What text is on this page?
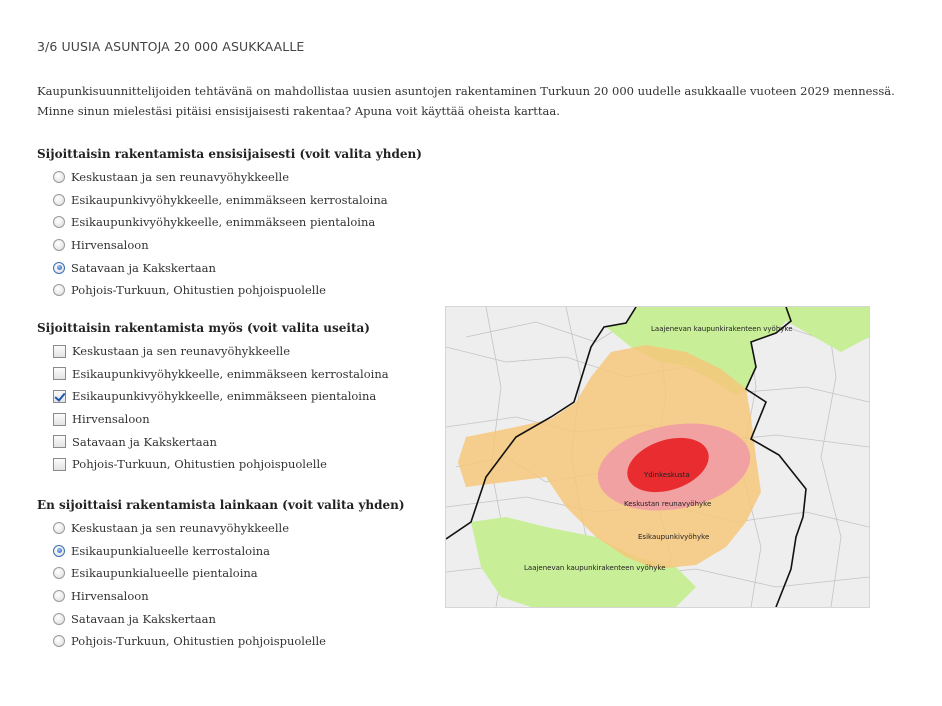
3/6 UUSIA ASUNTOJA 20 000 ASUKKAALLE
Kaupunkisuunnittelijoiden tehtävänä on mahdollistaa uusien asuntojen rakentaminen Turkuun 20 000 uudelle asukkaalle vuoteen 2029 mennessä. Minne sinun mielestäsi pitäisi ensisijaisesti rakentaa? Apuna voit käyttää oheista karttaa.
Sijoittaisin rakentamista ensisijaisesti (voit valita yhden)
Keskustaan ja sen reunavyöhykkeelle
Esikaupunkivyöhykkeelle, enimmäkseen kerrostaloina
Esikaupunkivyöhykkeelle, enimmäkseen pientaloina
Hirvensaloon
Satavaan ja Kakskertaan
Pohjois-Turkuun, Ohitustien pohjoispuolelle
Sijoittaisin rakentamista myös (voit valita useita)
Keskustaan ja sen reunavyöhykkeelle
Esikaupunkivyöhykkeelle, enimmäkseen kerrostaloina
Esikaupunkivyöhykkeelle, enimmäkseen pientaloina
Hirvensaloon
Satavaan ja Kakskertaan
Pohjois-Turkuun, Ohitustien pohjoispuolelle
En sijoittaisi rakentamista lainkaan (voit valita yhden)
Keskustaan ja sen reunavyöhykkeelle
Esikaupunkialueelle kerrostaloina
Esikaupunkialueelle pientaloina
Hirvensaloon
Satavaan ja Kakskertaan
Pohjois-Turkuun, Ohitustien pohjoispuolelle
Laajenevan kaupunkirakenteen vyöhyke
Ydinkeskusta
Keskustan reunavyöhyke
Esikaupunkivyöhyke
Laajenevan kaupunkirakenteen vyöhyke
